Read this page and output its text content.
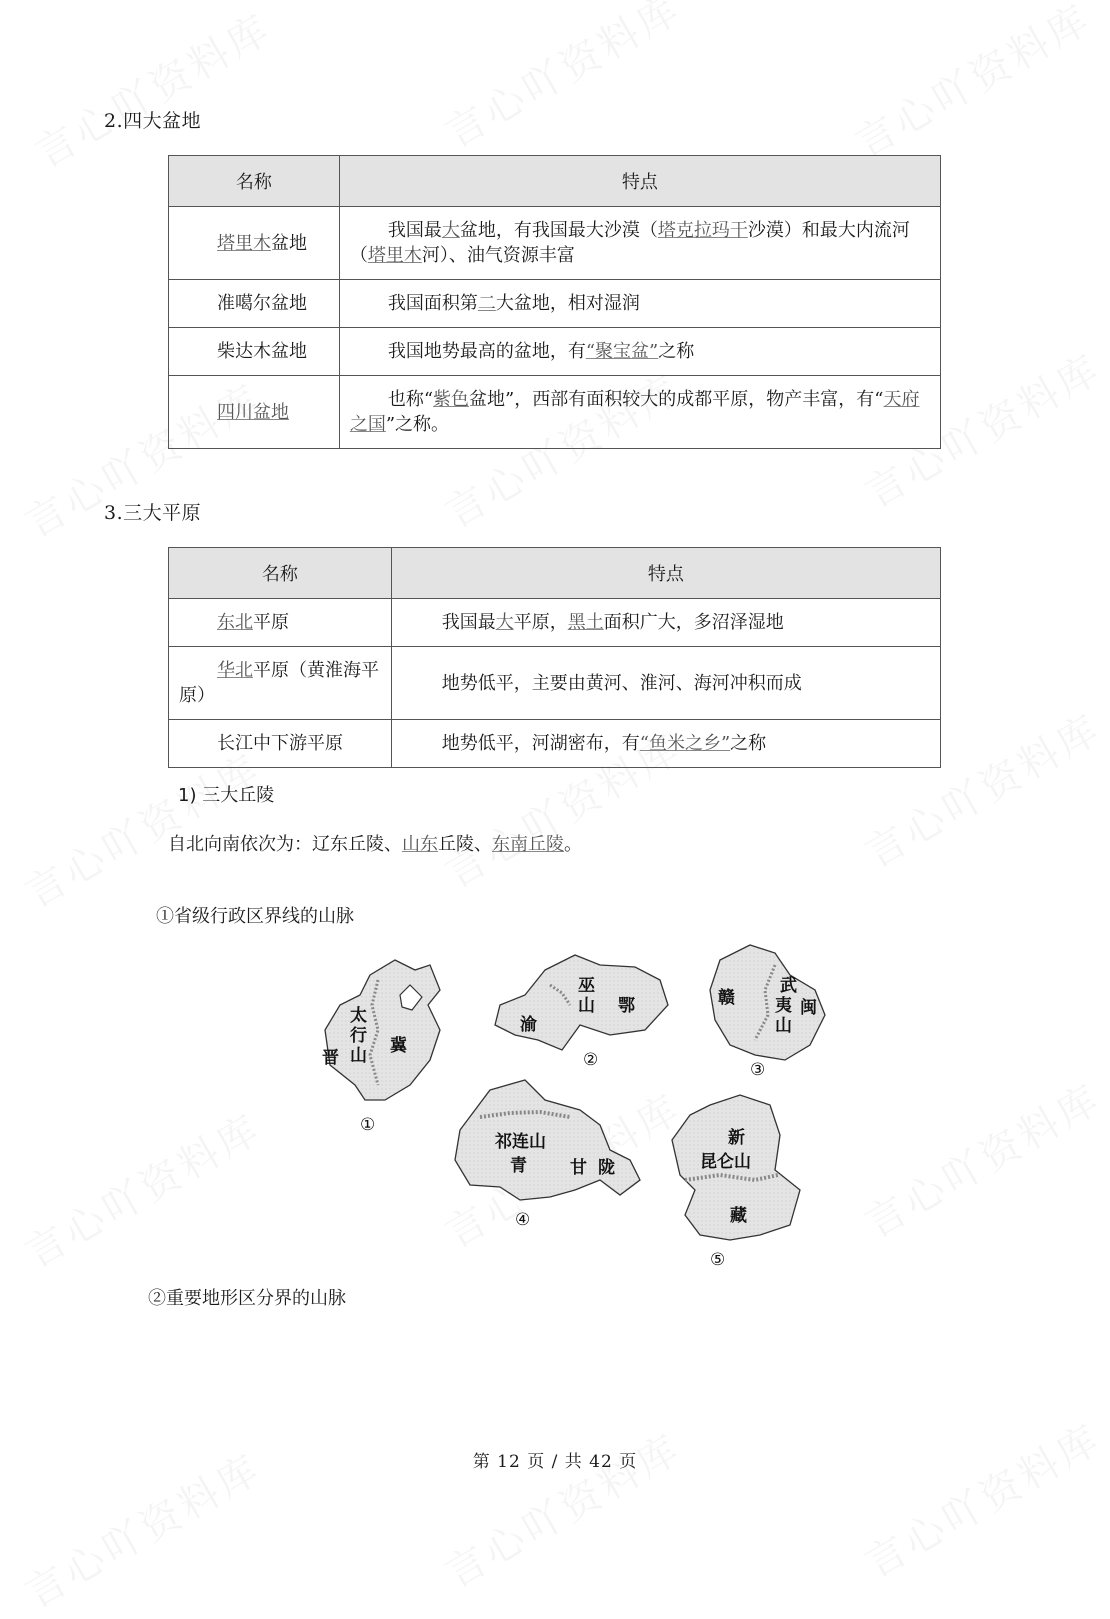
2.四大盆地
名称	特点
塔里木盆地	我国最大盆地，有我国最大沙漠（塔克拉玛干沙漠）和最大内流河（塔里木河）、油气资源丰富
准噶尔盆地	我国面积第二大盆地，相对湿润
柴达木盆地	我国地势最高的盆地，有“聚宝盆”之称
四川盆地	也称“紫色盆地”，西部有面积较大的成都平原，物产丰富，有“天府之国”之称。
3.三大平原
名称	特点
东北平原	我国最大平原，黑土面积广大，多沼泽湿地
华北平原（黄淮海平原）	地势低平，主要由黄河、淮河、海河冲积而成
长江中下游平原	地势低平，河湖密布，有“鱼米之乡”之称
1) 三大丘陵
自北向南依次为：辽东丘陵、山东丘陵、东南丘陵。
①省级行政区界线的山脉
太
行
山
晋
冀
①
巫
山 鄂
渝
②
赣
武
夷
山
闽
③
祁连山
青	甘 陇
④
新
昆仑山
藏
⑤
②重要地形区分界的山脉
第 12 页 / 共 42 页
